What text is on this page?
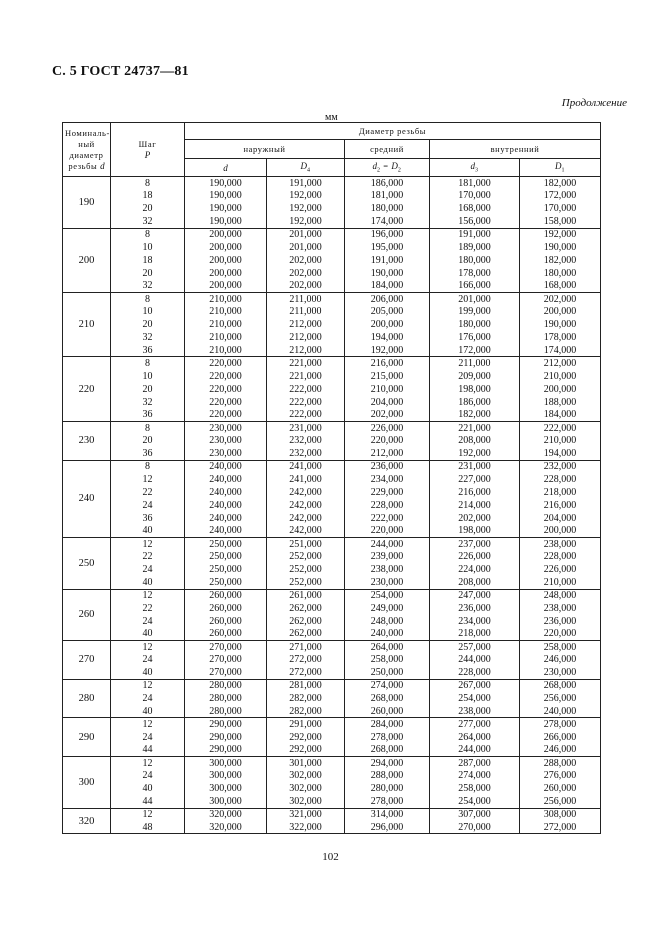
С. 5 ГОСТ 24737—81
Продолжение
мм
Номиналь-
ный
диаметр
резьбы d	Шаг
P	Диаметр резьбы				
		наружный		средний	внутренний	
		d	$D_4$	$d_2 = D_2$	$d_3$	$D_1$
190	8	190,000	191,000	186,000	181,000	182,000
	18	190,000	192,000	181,000	170,000	172,000
	20	190,000	192,000	180,000	168,000	170,000
	32	190,000	192,000	174,000	156,000	158,000
200	8	200,000	201,000	196,000	191,000	192,000
	10	200,000	201,000	195,000	189,000	190,000
	18	200,000	202,000	191,000	180,000	182,000
	20	200,000	202,000	190,000	178,000	180,000
	32	200,000	202,000	184,000	166,000	168,000
210	8	210,000	211,000	206,000	201,000	202,000
	10	210,000	211,000	205,000	199,000	200,000
	20	210,000	212,000	200,000	180,000	190,000
	32	210,000	212,000	194,000	176,000	178,000
	36	210,000	212,000	192,000	172,000	174,000
220	8	220,000	221,000	216,000	211,000	212,000
	10	220,000	221,000	215,000	209,000	210,000
	20	220,000	222,000	210,000	198,000	200,000
	32	220,000	222,000	204,000	186,000	188,000
	36	220,000	222,000	202,000	182,000	184,000
230	8	230,000	231,000	226,000	221,000	222,000
	20	230,000	232,000	220,000	208,000	210,000
	36	230,000	232,000	212,000	192,000	194,000
240	8	240,000	241,000	236,000	231,000	232,000
	12	240,000	241,000	234,000	227,000	228,000
	22	240,000	242,000	229,000	216,000	218,000
	24	240,000	242,000	228,000	214,000	216,000
	36	240,000	242,000	222,000	202,000	204,000
	40	240,000	242,000	220,000	198,000	200,000
250	12	250,000	251,000	244,000	237,000	238,000
	22	250,000	252,000	239,000	226,000	228,000
	24	250,000	252,000	238,000	224,000	226,000
	40	250,000	252,000	230,000	208,000	210,000
260	12	260,000	261,000	254,000	247,000	248,000
	22	260,000	262,000	249,000	236,000	238,000
	24	260,000	262,000	248,000	234,000	236,000
	40	260,000	262,000	240,000	218,000	220,000
270	12	270,000	271,000	264,000	257,000	258,000
	24	270,000	272,000	258,000	244,000	246,000
	40	270,000	272,000	250,000	228,000	230,000
280	12	280,000	281,000	274,000	267,000	268,000
	24	280,000	282,000	268,000	254,000	256,000
	40	280,000	282,000	260,000	238,000	240,000
290	12	290,000	291,000	284,000	277,000	278,000
	24	290,000	292,000	278,000	264,000	266,000
	44	290,000	292,000	268,000	244,000	246,000
300	12	300,000	301,000	294,000	287,000	288,000
	24	300,000	302,000	288,000	274,000	276,000
	40	300,000	302,000	280,000	258,000	260,000
	44	300,000	302,000	278,000	254,000	256,000
320	12	320,000	321,000	314,000	307,000	308,000
	48	320,000	322,000	296,000	270,000	272,000
102
